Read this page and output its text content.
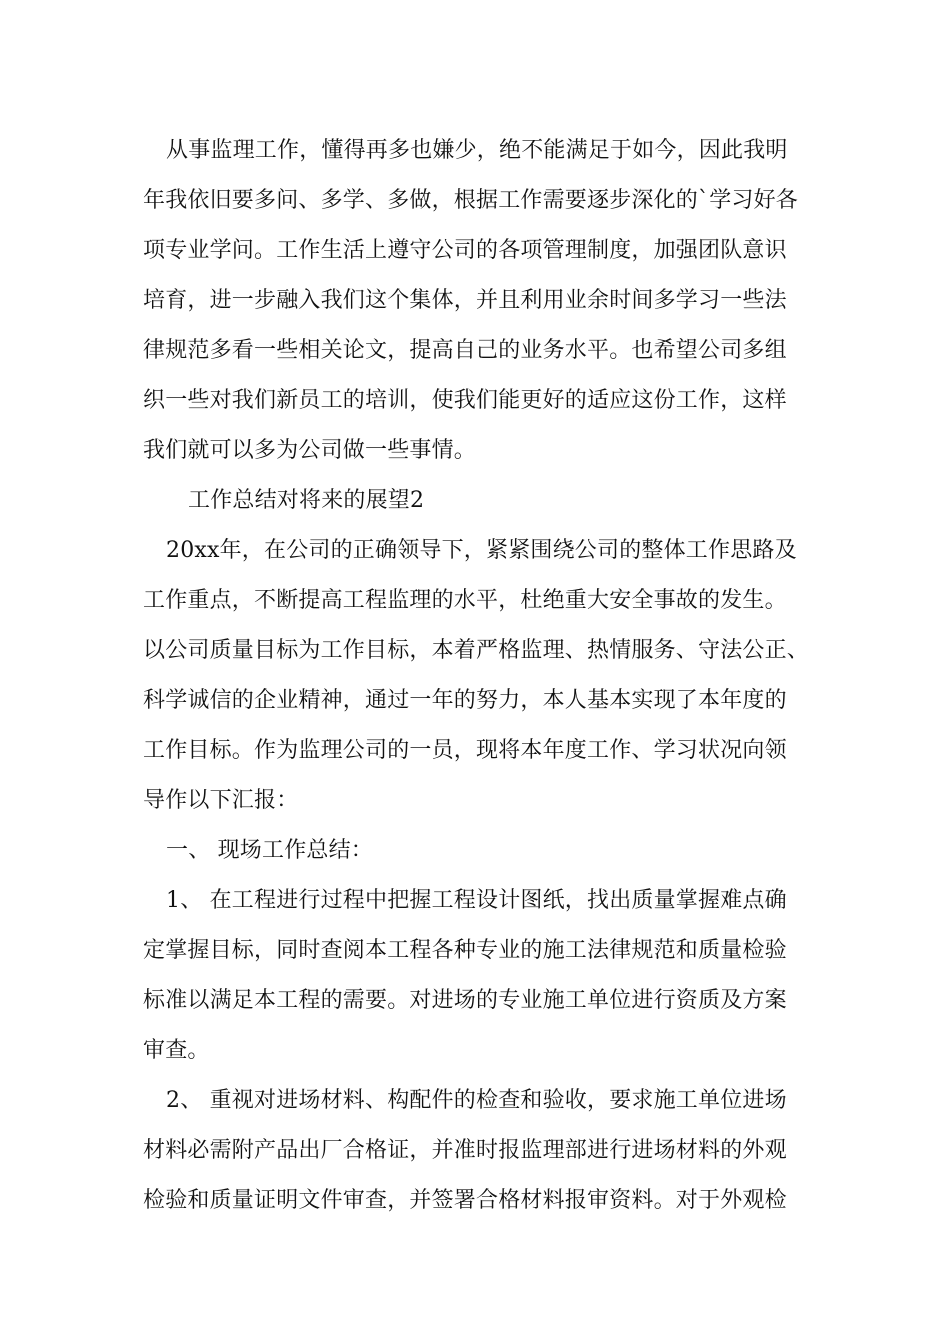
从事监理工作，懂得再多也嫌少，绝不能满足于如今，因此我明
年我依旧要多问、多学、多做，根据工作需要逐步深化的`学习好各
项专业学问。工作生活上遵守公司的各项管理制度，加强团队意识
培育，进一步融入我们这个集体，并且利用业余时间多学习一些法
律规范多看一些相关论文，提高自己的业务水平。也希望公司多组
织一些对我们新员工的培训，使我们能更好的适应这份工作，这样
我们就可以多为公司做一些事情。
工作总结对将来的展望2
20xx年，在公司的正确领导下，紧紧围绕公司的整体工作思路及
工作重点，不断提高工程监理的水平，杜绝重大安全事故的发生。
以公司质量目标为工作目标，本着严格监理、热情服务、守法公正、
科学诚信的企业精神，通过一年的努力，本人基本实现了本年度的
工作目标。作为监理公司的一员，现将本年度工作、学习状况向领
导作以下汇报：
一、 现场工作总结：
1、 在工程进行过程中把握工程设计图纸，找出质量掌握难点确
定掌握目标，同时查阅本工程各种专业的施工法律规范和质量检验
标准以满足本工程的需要。对进场的专业施工单位进行资质及方案
审查。
2、 重视对进场材料、构配件的检查和验收，要求施工单位进场
材料必需附产品出厂合格证，并准时报监理部进行进场材料的外观
检验和质量证明文件审查，并签署合格材料报审资料。对于外观检
